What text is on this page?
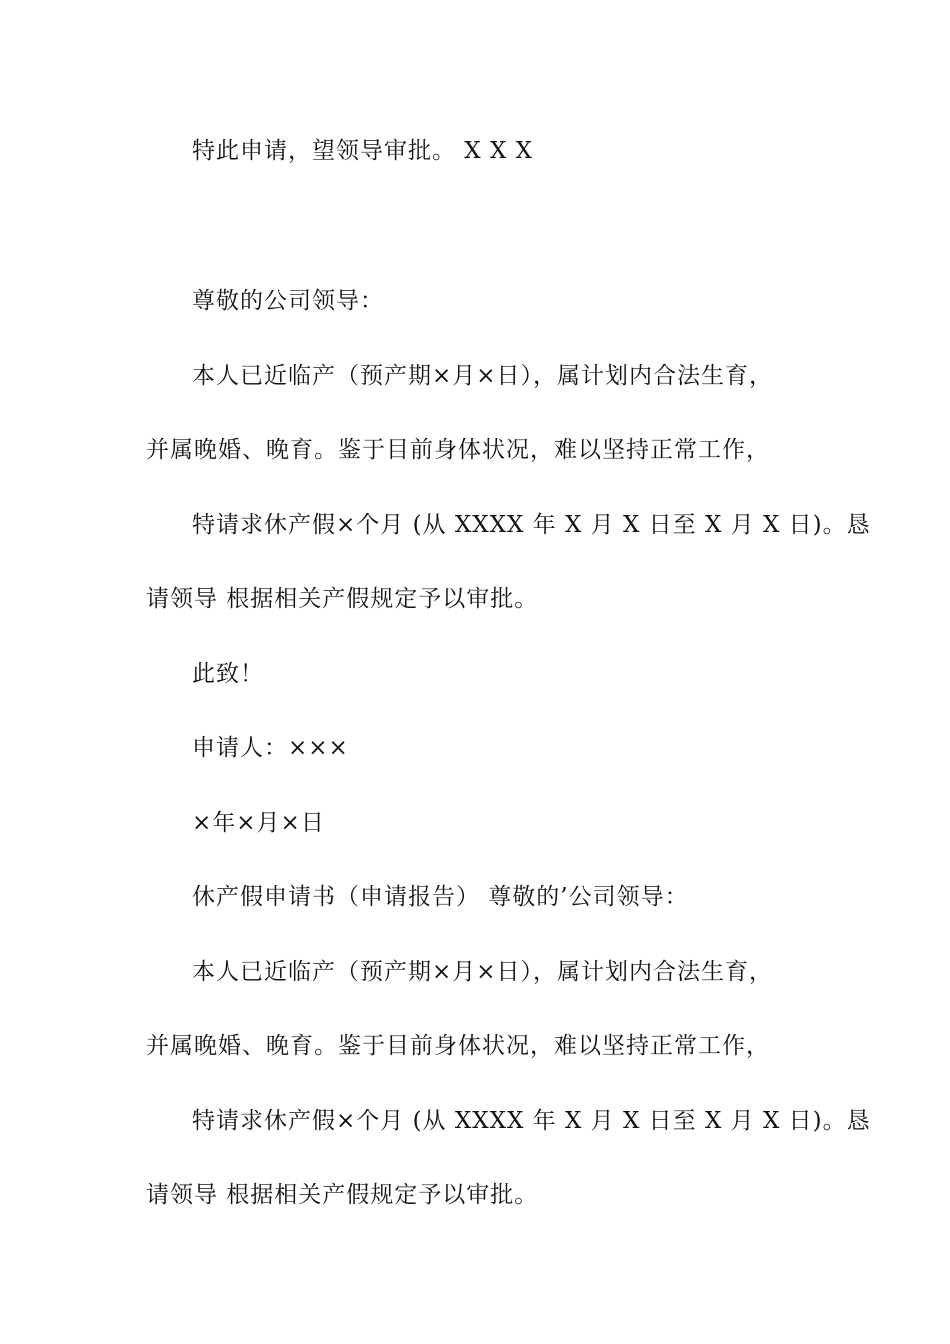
特此申请，望领导审批。 X X X
尊敬的公司领导：
本人已近临产（预产期×月×日），属计划内合法生育，
并属晚婚、晚育。鉴于目前身体状况，难以坚持正常工作，
特请求休产假×个月 (从 XXXX 年 X 月 X 日至 X 月 X 日)。恳
请领导 根据相关产假规定予以审批。
此致！
申请人：×××
×年×月×日
休产假申请书（申请报告） 尊敬的’公司领导：
本人已近临产（预产期×月×日），属计划内合法生育，
并属晚婚、晚育。鉴于目前身体状况，难以坚持正常工作，
特请求休产假×个月 (从 XXXX 年 X 月 X 日至 X 月 X 日)。恳
请领导 根据相关产假规定予以审批。
